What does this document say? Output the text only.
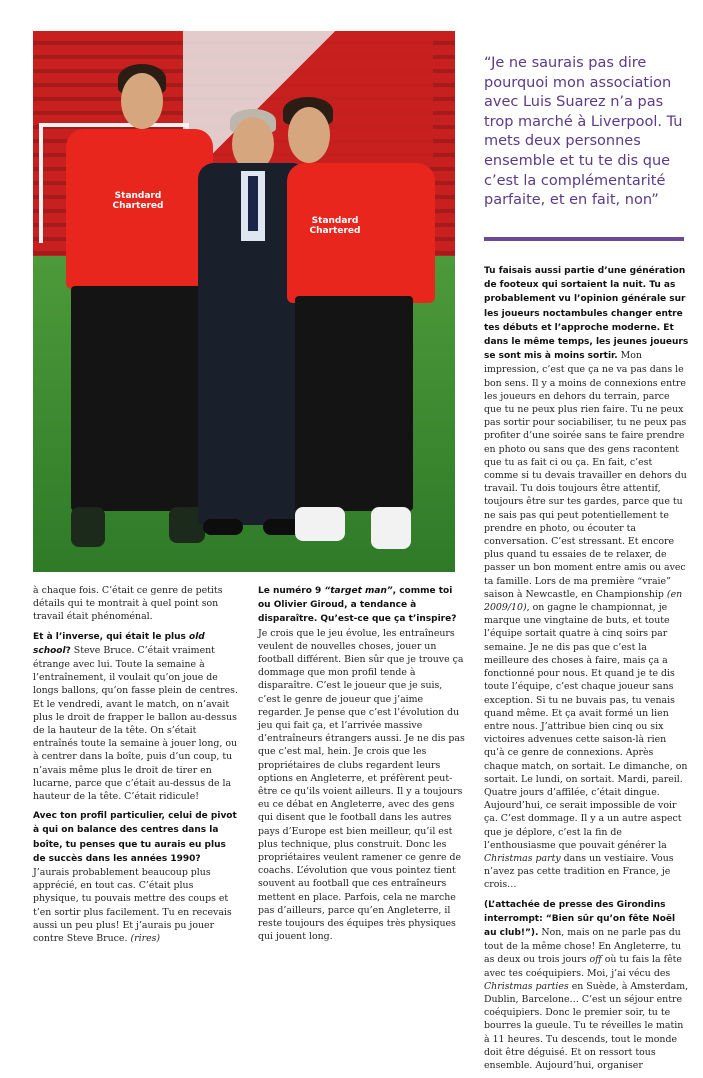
Standard Chartered
Standard Chartered
“Je ne saurais pas dire pourquoi mon association avec Luis Suarez n’a pas trop marché à Liverpool. Tu mets deux personnes ensemble et tu te dis que c’est la complémentarité parfaite, et en fait, non”

à chaque fois. C’était ce genre de petits détails qui te montrait à quel point son travail était phénoménal.

Et à l’inverse, qui était le plus old school? Steve Bruce. C’était vraiment étrange avec lui. Toute la semaine à l’entraînement, il voulait qu’on joue de longs ballons, qu’on fasse plein de centres. Et le vendredi, avant le match, on n’avait plus le droit de frapper le ballon au-dessus de la hauteur de la tête. On s’était entraînés toute la semaine à jouer long, ou à centrer dans la boîte, puis d’un coup, tu n’avais même plus le droit de tirer en lucarne, parce que c’était au-dessus de la hauteur de la tête. C’était ridicule!

Avec ton profil particulier, celui de pivot à qui on balance des centres dans la boîte, tu penses que tu aurais eu plus de succès dans les années 1990? J’aurais probablement beaucoup plus apprécié, en tout cas. C’était plus physique, tu pouvais mettre des coups et t’en sortir plus facilement. Tu en recevais aussi un peu plus! Et j’aurais pu jouer contre Steve Bruce. (rires)

Le numéro 9 “target man”, comme toi ou Olivier Giroud, a tendance à disparaître. Qu’est-ce que ça t’inspire? Je crois que le jeu évolue, les entraîneurs veulent de nouvelles choses, jouer un football différent. Bien sûr que je trouve ça dommage que mon profil tende à disparaître. C’est le joueur que je suis, c’est le genre de joueur que j’aime regarder. Je pense que c’est l’évolution du jeu qui fait ça, et l’arrivée massive d’entraîneurs étrangers aussi. Je ne dis pas que c’est mal, hein. Je crois que les propriétaires de clubs regardent leurs options en Angleterre, et préfèrent peut-être ce qu’ils voient ailleurs. Il y a toujours eu ce débat en Angleterre, avec des gens qui disent que le football dans les autres pays d’Europe est bien meilleur, qu’il est plus technique, plus construit. Donc les propriétaires veulent ramener ce genre de coachs. L’évolution que vous pointez tient souvent au football que ces entraîneurs mettent en place. Parfois, cela ne marche pas d’ailleurs, parce qu’en Angleterre, il reste toujours des équipes très physiques qui jouent long.

Tu faisais aussi partie d’une génération de footeux qui sortaient la nuit. Tu as probablement vu l’opinion générale sur les joueurs noctambules changer entre tes débuts et l’approche moderne. Et dans le même temps, les jeunes joueurs se sont mis à moins sortir. Mon impression, c’est que ça ne va pas dans le bon sens. Il y a moins de connexions entre les joueurs en dehors du terrain, parce que tu ne peux plus rien faire. Tu ne peux pas sortir pour sociabiliser, tu ne peux pas profiter d’une soirée sans te faire prendre en photo ou sans que des gens racontent que tu as fait ci ou ça. En fait, c’est comme si tu devais travailler en dehors du travail. Tu dois toujours être attentif, toujours être sur tes gardes, parce que tu ne sais pas qui peut potentiellement te prendre en photo, ou écouter ta conversation. C’est stressant. Et encore plus quand tu essaies de te relaxer, de passer un bon moment entre amis ou avec ta famille. Lors de ma première “vraie” saison à Newcastle, en Championship (en 2009/10), on gagne le championnat, je marque une vingtaine de buts, et toute l’équipe sortait quatre à cinq soirs par semaine. Je ne dis pas que c’est la meilleure des choses à faire, mais ça a fonctionné pour nous. Et quand je te dis toute l’équipe, c’est chaque joueur sans exception. Si tu ne buvais pas, tu venais quand même. Et ça avait formé un lien entre nous. J’attribue bien cinq ou six victoires advenues cette saison-là rien qu’à ce genre de connexions. Après chaque match, on sortait. Le dimanche, on sortait. Le lundi, on sortait. Mardi, pareil. Quatre jours d’affilée, c’était dingue. Aujourd’hui, ce serait impossible de voir ça. C’est dommage. Il y a un autre aspect que je déplore, c’est la fin de l’enthousiasme que pouvait générer la Christmas party dans un vestiaire. Vous n’avez pas cette tradition en France, je crois…

(L’attachée de presse des Girondins interrompt: “Bien sûr qu’on fête Noël au club!”). Non, mais on ne parle pas du tout de la même chose! En Angleterre, tu as deux ou trois jours off où tu fais la fête avec tes coéquipiers. Moi, j’ai vécu des Christmas parties en Suède, à Amsterdam, Dublin, Barcelone… C’est un séjour entre coéquipiers. Donc le premier soir, tu te bourres la gueule. Tu te réveilles le matin à 11 heures. Tu descends, tout le monde doit être déguisé. Et on ressort tous ensemble. Aujourd’hui, organiser
